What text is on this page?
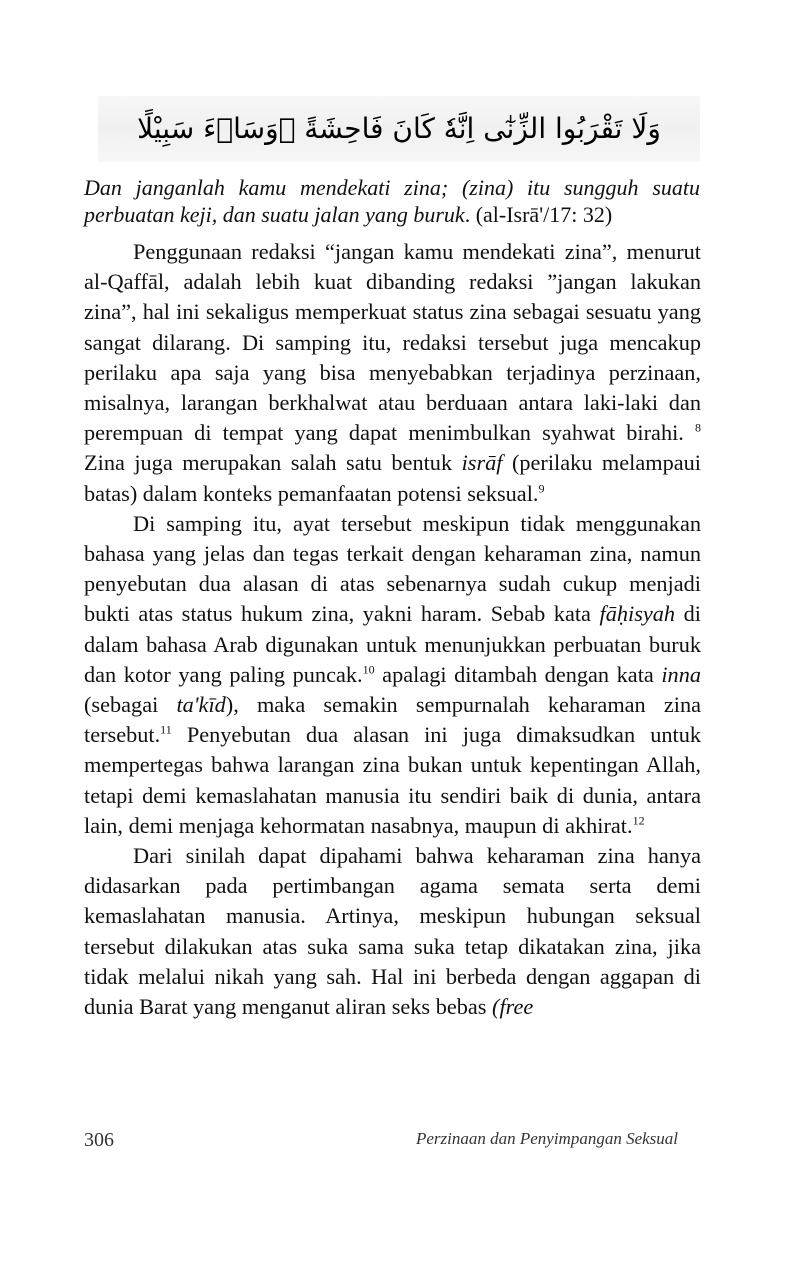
وَلَا تَقْرَبُوا الزِّنٰٓى اِنَّهٗ كَانَ فَاحِشَةً ۗوَسَاۤءَ سَبِيْلًا
Dan janganlah kamu mendekati zina; (zina) itu sungguh suatu perbuatan keji, dan suatu jalan yang buruk. (al-Isrā'/17: 32)

Penggunaan redaksi “jangan kamu mendekati zina”, menurut al-Qaffāl, adalah lebih kuat dibanding redaksi ”jangan lakukan zina”, hal ini sekaligus memperkuat status zina sebagai sesuatu yang sangat dilarang. Di samping itu, redaksi tersebut juga mencakup perilaku apa saja yang bisa menyebabkan terjadinya perzinaan, misalnya, larangan berkhalwat atau berduaan antara laki-laki dan perempuan di tempat yang dapat menimbulkan syahwat birahi. $^8$ Zina juga merupakan salah satu bentuk isrāf (perilaku melampaui batas) dalam konteks pemanfaatan potensi seksual.$^9$

Di samping itu, ayat tersebut meskipun tidak menggunakan bahasa yang jelas dan tegas terkait dengan keharaman zina, namun penyebutan dua alasan di atas sebenarnya sudah cukup menjadi bukti atas status hukum zina, yakni haram. Sebab kata fāḥisyah di dalam bahasa Arab digunakan untuk menunjukkan perbuatan buruk dan kotor yang paling puncak.$^{10}$ apalagi ditambah dengan kata inna (sebagai ta'kīd), maka semakin sempurnalah keharaman zina tersebut.$^{11}$ Penyebutan dua alasan ini juga dimaksudkan untuk mempertegas bahwa larangan zina bukan untuk kepentingan Allah, tetapi demi kemaslahatan manusia itu sendiri baik di dunia, antara lain, demi menjaga kehormatan nasabnya, maupun di akhirat.$^{12}$

Dari sinilah dapat dipahami bahwa keharaman zina hanya didasarkan pada pertimbangan agama semata serta demi kemaslahatan manusia. Artinya, meskipun hubungan seksual tersebut dilakukan atas suka sama suka tetap dikatakan zina, jika tidak melalui nikah yang sah. Hal ini berbeda dengan aggapan di dunia Barat yang menganut aliran seks bebas (free

306	Perzinaan dan Penyimpangan Seksual
